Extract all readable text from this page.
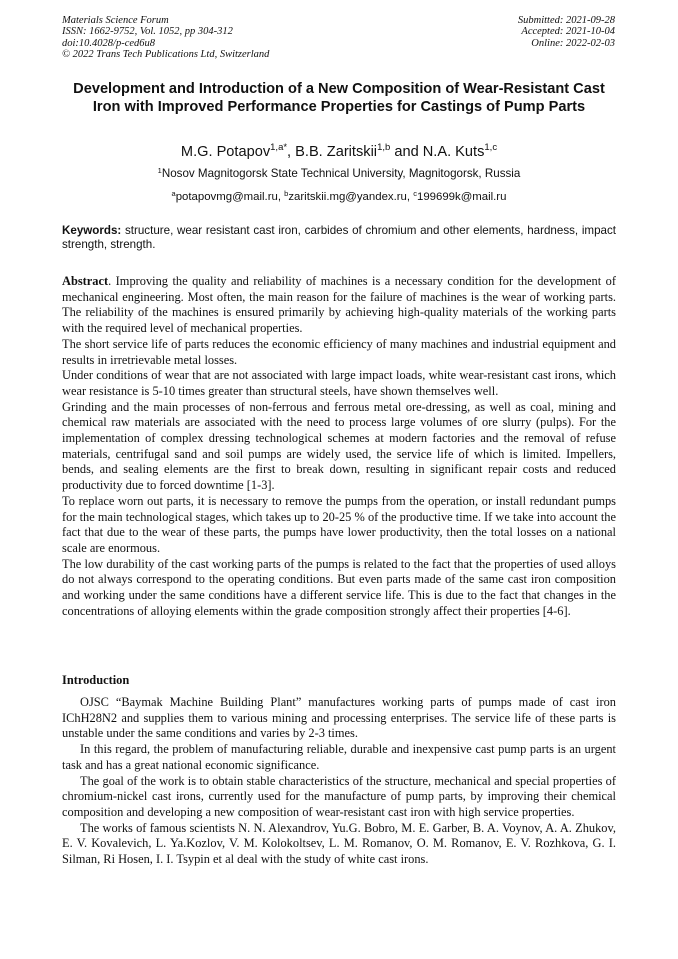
Materials Science Forum
ISSN: 1662-9752, Vol. 1052, pp 304-312
doi:10.4028/p-ced6u8
© 2022 Trans Tech Publications Ltd, Switzerland
Submitted: 2021-09-28
Accepted: 2021-10-04
Online: 2022-02-03
Development and Introduction of a New Composition of Wear-Resistant Cast Iron with Improved Performance Properties for Castings of Pump Parts
M.G. Potapov$^{1,a*}$, B.B. Zaritskii$^{1,b}$ and N.A. Kuts$^{1,c}$
$^1$Nosov Magnitogorsk State Technical University, Magnitogorsk, Russia
$^a$potapovmg@mail.ru, $^b$zaritskii.mg@yandex.ru, $^c$199699k@mail.ru
Keywords: structure, wear resistant cast iron, carbides of chromium and other elements, hardness, impact strength, strength.

Abstract. Improving the quality and reliability of machines is a necessary condition for the development of mechanical engineering. Most often, the main reason for the failure of machines is the wear of working parts. The reliability of the machines is ensured primarily by achieving high-quality materials of the working parts with the required level of mechanical properties.

The short service life of parts reduces the economic efficiency of many machines and industrial equipment and results in irretrievable metal losses.

Under conditions of wear that are not associated with large impact loads, white wear-resistant cast irons, which wear resistance is 5-10 times greater than structural steels, have shown themselves well.

Grinding and the main processes of non-ferrous and ferrous metal ore-dressing, as well as coal, mining and chemical raw materials are associated with the need to process large volumes of ore slurry (pulps). For the implementation of complex dressing technological schemes at modern factories and the removal of refuse materials, centrifugal sand and soil pumps are widely used, the service life of which is limited. Impellers, bends, and sealing elements are the first to break down, resulting in significant repair costs and reduced productivity due to forced downtime [1-3].

To replace worn out parts, it is necessary to remove the pumps from the operation, or install redundant pumps for the main technological stages, which takes up to 20-25 % of the productive time. If we take into account the fact that due to the wear of these parts, the pumps have lower productivity, then the total losses on a national scale are enormous.

The low durability of the cast working parts of the pumps is related to the fact that the properties of used alloys do not always correspond to the operating conditions. But even parts made of the same cast iron composition and working under the same conditions have a different service life. This is due to the fact that changes in the concentrations of alloying elements within the grade composition strongly affect their properties [4-6].

Introduction

OJSC “Baymak Machine Building Plant” manufactures working parts of pumps made of cast iron IChH28N2 and supplies them to various mining and processing enterprises. The service life of these parts is unstable under the same conditions and varies by 2-3 times.

In this regard, the problem of manufacturing reliable, durable and inexpensive cast pump parts is an urgent task and has a great national economic significance.

The goal of the work is to obtain stable characteristics of the structure, mechanical and special properties of chromium-nickel cast irons, currently used for the manufacture of pump parts, by improving their chemical composition and developing a new composition of wear-resistant cast iron with high service properties.

The works of famous scientists N. N. Alexandrov, Yu.G. Bobro, M. E. Garber, B. A. Voynov, A. A. Zhukov, E. V. Kovalevich, L. Ya.Kozlov, V. M. Kolokoltsev, L. M. Romanov, O. M. Romanov, E. V. Rozhkova, G. I. Silman, Ri Hosen, I. I. Tsypin et al deal with the study of white cast irons.
